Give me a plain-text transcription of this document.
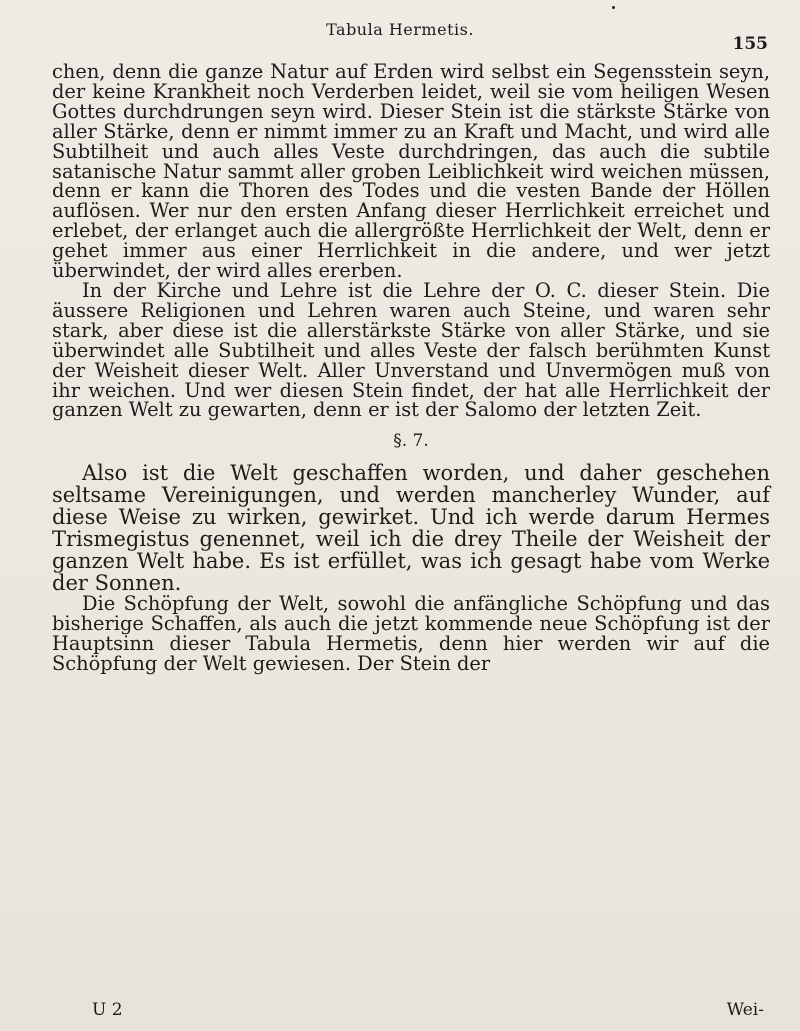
Tabula Hermetis.
155

chen, denn die ganze Natur auf Erden wird selbst ein Segensstein seyn, der keine Krankheit noch Verderben leidet, weil sie vom heiligen Wesen Gottes durchdrungen seyn wird. Dieser Stein ist die stärkste Stärke von aller Stärke, denn er nimmt immer zu an Kraft und Macht, und wird alle Subtilheit und auch alles Veste durchdringen, das auch die subtile satanische Natur sammt aller groben Leiblichkeit wird weichen müssen, denn er kann die Thoren des Todes und die vesten Bande der Höllen auflösen. Wer nur den ersten Anfang dieser Herrlichkeit erreichet und erlebet, der erlanget auch die allergrößte Herrlichkeit der Welt, denn er gehet immer aus einer Herrlichkeit in die andere, und wer jetzt überwindet, der wird alles ererben.

In der Kirche und Lehre ist die Lehre der O. C. dieser Stein. Die äussere Religionen und Lehren waren auch Steine, und waren sehr stark, aber diese ist die allerstärkste Stärke von aller Stärke, und sie überwindet alle Subtilheit und alles Veste der falsch berühmten Kunst der Weisheit dieser Welt. Aller Unverstand und Unvermögen muß von ihr weichen. Und wer diesen Stein findet, der hat alle Herrlichkeit der ganzen Welt zu gewarten, denn er ist der Salomo der letzten Zeit.

§. 7.

Also ist die Welt geschaffen worden, und daher geschehen seltsame Vereinigungen, und werden mancherley Wunder, auf diese Weise zu wirken, gewirket. Und ich werde darum Hermes Trismegistus genennet, weil ich die drey Theile der Weisheit der ganzen Welt habe. Es ist erfüllet, was ich gesagt habe vom Werke der Sonnen.

Die Schöpfung der Welt, sowohl die anfängliche Schöpfung und das bisherige Schaffen, als auch die jetzt kommende neue Schöpfung ist der Hauptsinn dieser Tabula Hermetis, denn hier werden wir auf die Schöpfung der Welt gewiesen. Der Stein der

U 2	Wei-
